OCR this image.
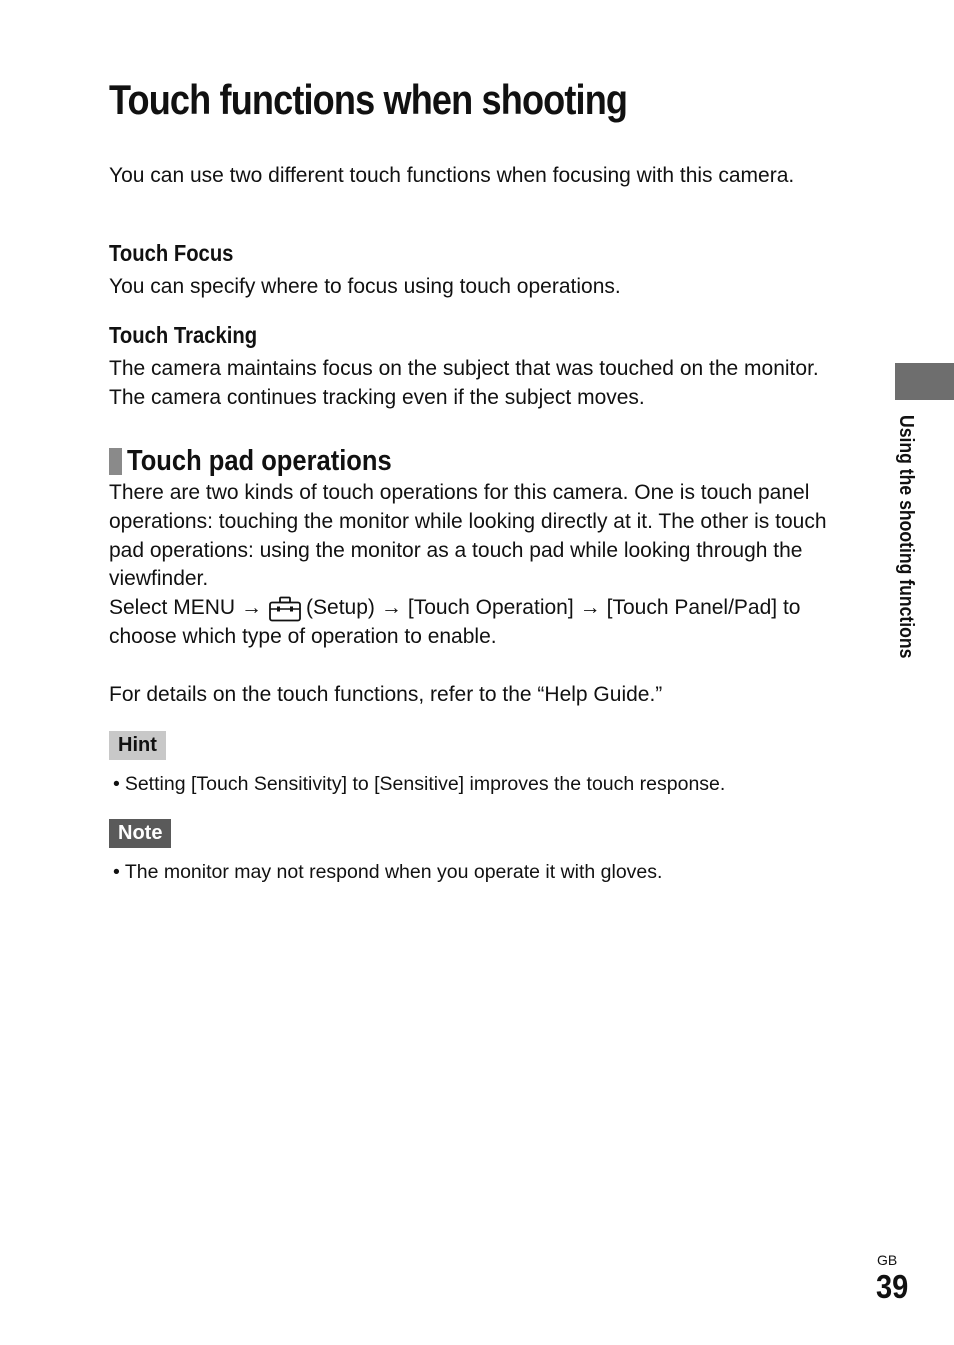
Touch functions when shooting

You can use two different touch functions when focusing with this camera.

Touch Focus

You can specify where to focus using touch operations.

Touch Tracking

The camera maintains focus on the subject that was touched on the monitor. The camera continues tracking even if the subject moves.

Touch pad operations

There are two kinds of touch operations for this camera. One is touch panel operations: touching the monitor while looking directly at it. The other is touch pad operations: using the monitor as a touch pad while looking through the viewfinder.

Select MENU → (Setup) → [Touch Operation] → [Touch Panel/Pad] to

choose which type of operation to enable.

For details on the touch functions, refer to the “Help Guide.”

Hint

• Setting [Touch Sensitivity] to [Sensitive] improves the touch response.

Note

• The monitor may not respond when you operate it with gloves.

Using the shooting functions
GB
39
